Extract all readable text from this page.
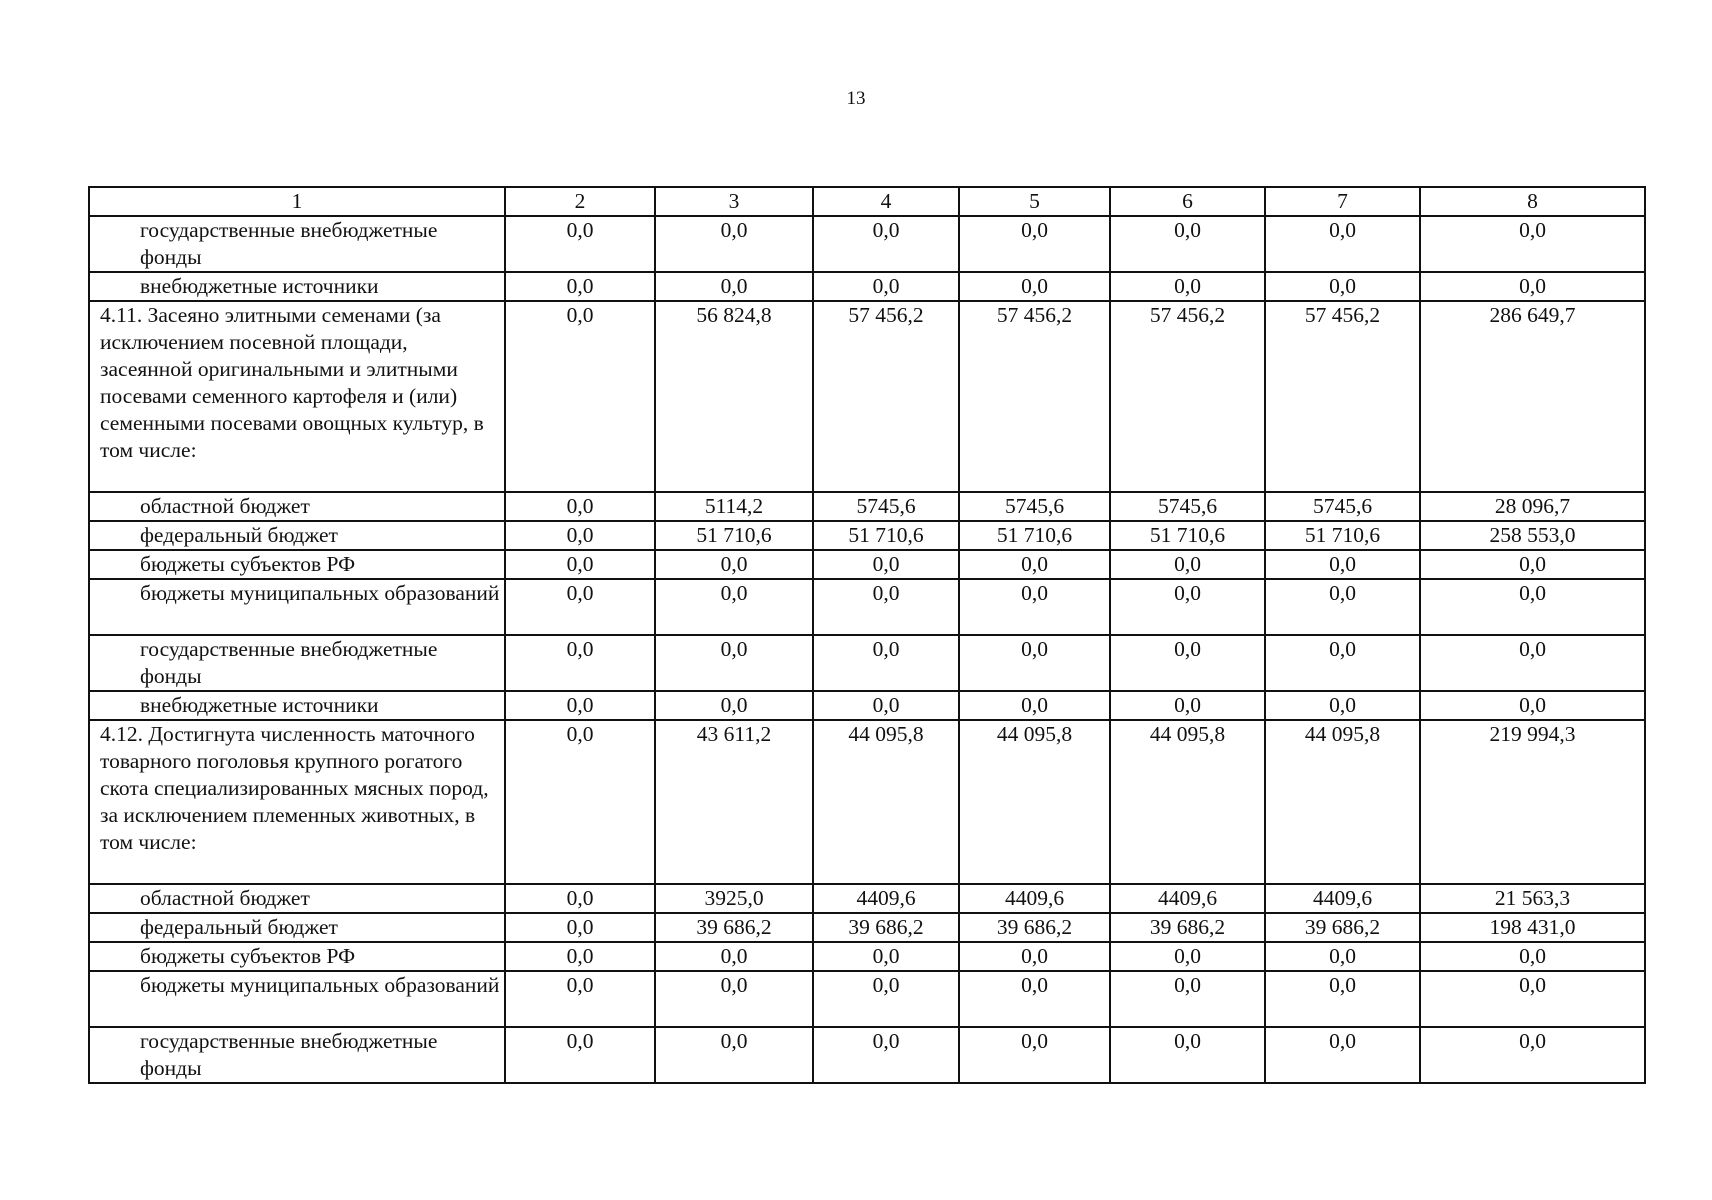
13
1	2	3	4	5	6	7	8
государственные внебюджетные фонды	0,0	0,0	0,0	0,0	0,0	0,0	0,0
внебюджетные источники	0,0	0,0	0,0	0,0	0,0	0,0	0,0
4.11. Засеяно элитными семенами (за исключением посевной площади, засеянной оригинальными и элитными посевами семенного картофеля и (или) семенными посевами овощных культур, в том числе:	0,0	56 824,8	57 456,2	57 456,2	57 456,2	57 456,2	286 649,7
областной бюджет	0,0	5114,2	5745,6	5745,6	5745,6	5745,6	28 096,7
федеральный бюджет	0,0	51 710,6	51 710,6	51 710,6	51 710,6	51 710,6	258 553,0
бюджеты субъектов РФ	0,0	0,0	0,0	0,0	0,0	0,0	0,0
бюджеты муниципальных образований	0,0	0,0	0,0	0,0	0,0	0,0	0,0
государственные внебюджетные фонды	0,0	0,0	0,0	0,0	0,0	0,0	0,0
внебюджетные источники	0,0	0,0	0,0	0,0	0,0	0,0	0,0
4.12. Достигнута численность маточного товарного поголовья крупного рогатого скота специализированных мясных пород, за исключением племенных животных, в том числе:	0,0	43 611,2	44 095,8	44 095,8	44 095,8	44 095,8	219 994,3
областной бюджет	0,0	3925,0	4409,6	4409,6	4409,6	4409,6	21 563,3
федеральный бюджет	0,0	39 686,2	39 686,2	39 686,2	39 686,2	39 686,2	198 431,0
бюджеты субъектов РФ	0,0	0,0	0,0	0,0	0,0	0,0	0,0
бюджеты муниципальных образований	0,0	0,0	0,0	0,0	0,0	0,0	0,0
государственные внебюджетные фонды	0,0	0,0	0,0	0,0	0,0	0,0	0,0
